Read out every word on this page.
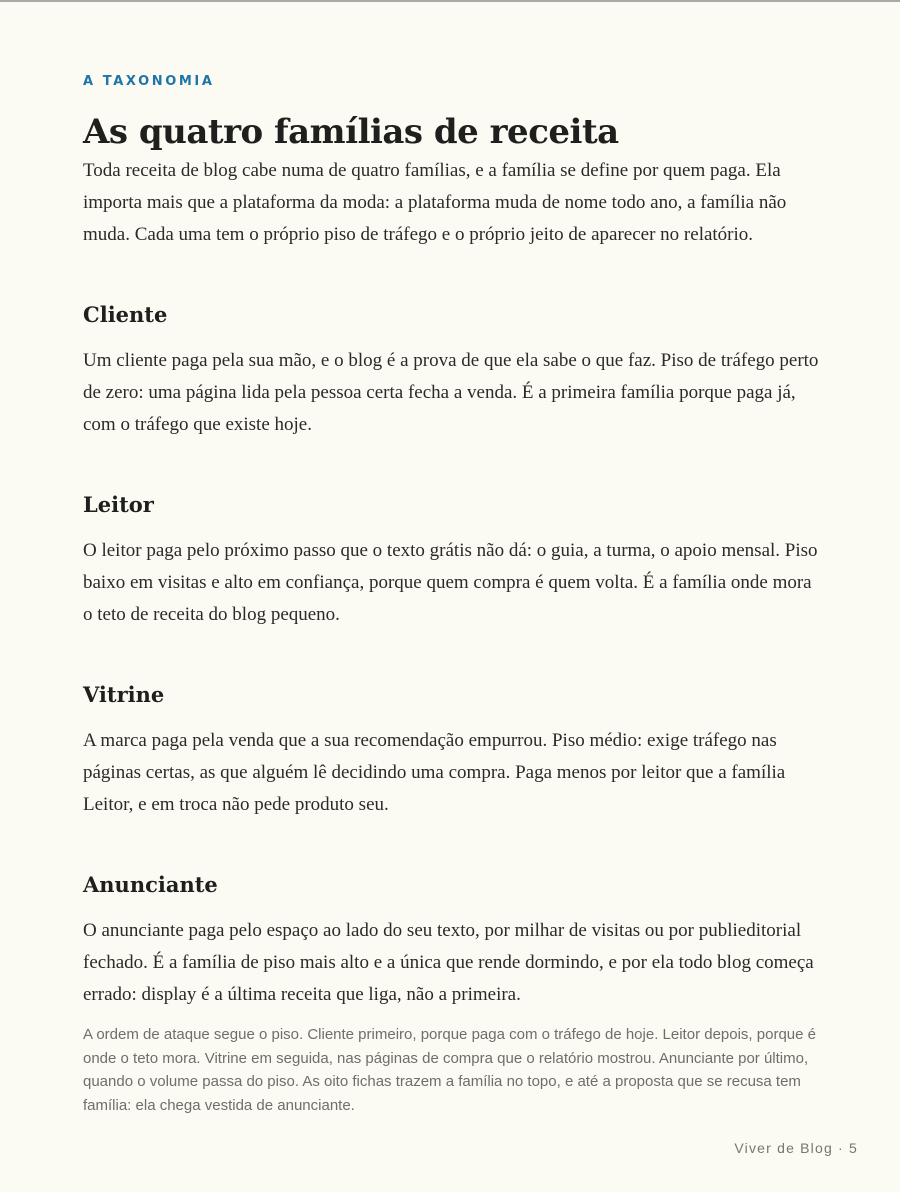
A TAXONOMIA
As quatro famílias de receita

Toda receita de blog cabe numa de quatro famílias, e a família se define por quem paga. Ela importa mais que a plataforma da moda: a plataforma muda de nome todo ano, a família não muda. Cada uma tem o próprio piso de tráfego e o próprio jeito de aparecer no relatório.

Cliente

Um cliente paga pela sua mão, e o blog é a prova de que ela sabe o que faz. Piso de tráfego perto de zero: uma página lida pela pessoa certa fecha a venda. É a primeira família porque paga já, com o tráfego que existe hoje.

Leitor

O leitor paga pelo próximo passo que o texto grátis não dá: o guia, a turma, o apoio mensal. Piso baixo em visitas e alto em confiança, porque quem compra é quem volta. É a família onde mora o teto de receita do blog pequeno.

Vitrine

A marca paga pela venda que a sua recomendação empurrou. Piso médio: exige tráfego nas páginas certas, as que alguém lê decidindo uma compra. Paga menos por leitor que a família Leitor, e em troca não pede produto seu.

Anunciante

O anunciante paga pelo espaço ao lado do seu texto, por milhar de visitas ou por publieditorial fechado. É a família de piso mais alto e a única que rende dormindo, e por ela todo blog começa errado: display é a última receita que liga, não a primeira.

A ordem de ataque segue o piso. Cliente primeiro, porque paga com o tráfego de hoje. Leitor depois, porque é onde o teto mora. Vitrine em seguida, nas páginas de compra que o relatório mostrou. Anunciante por último, quando o volume passa do piso. As oito fichas trazem a família no topo, e até a proposta que se recusa tem família: ela chega vestida de anunciante.

Viver de Blog · 5
